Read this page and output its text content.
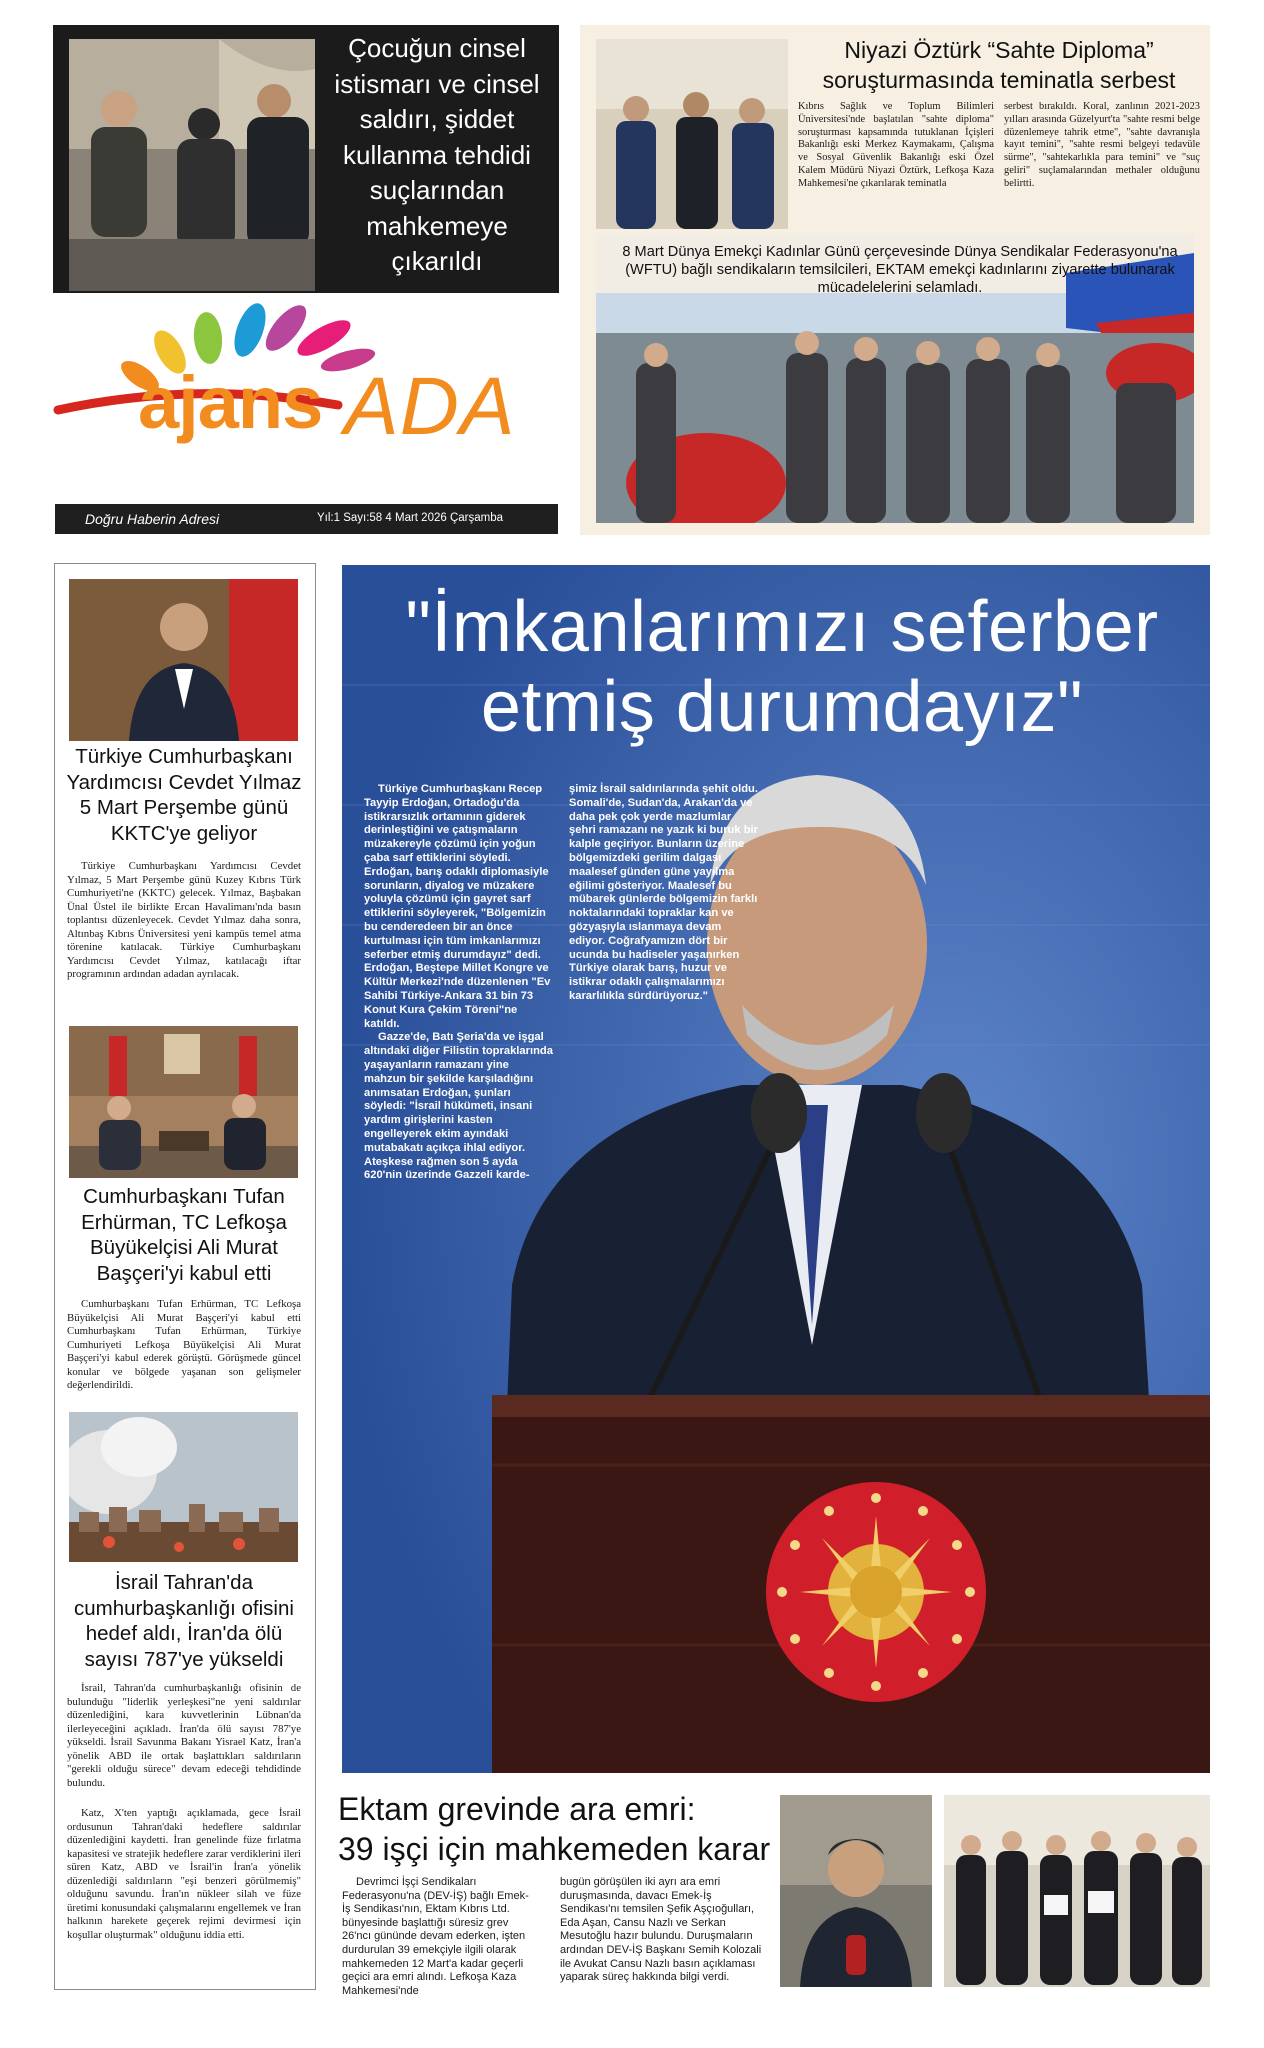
Çocuğun cinsel istismarı ve cinsel saldırı, şiddet kullanma tehdidi suçlarından mahkemeye çıkarıldı
ajans ADA
Doğru Haberin Adresi	Yıl:1 Sayı:58 4 Mart 2026 Çarşamba
Niyazi Öztürk “Sahte Diploma”
soruşturmasında teminatla serbest

Kıbrıs Sağlık ve Toplum Bilimleri Üniversitesi'nde başlatılan "sahte diploma" soruşturması kapsamında tutuklanan İçişleri Bakanlığı eski Merkez Kaymakamı, Çalışma ve Sosyal Güvenlik Bakanlığı eski Özel Kalem Müdürü Niyazi Öztürk, Lefkoşa Kaza Mahkemesi'ne çıkarılarak teminatla

serbest bırakıldı. Koral, zanlının 2021-2023 yılları arasında Güzelyurt'ta "sahte resmi belge düzenlemeye tahrik etme", "sahte davranışla kayıt temini", "sahte resmi belgeyi tedavüle sürme", "sahtekarlıkla para temini" ve "suç geliri" suçlamalarından methaler olduğunu belirtti.

8 Mart Dünya Emekçi Kadınlar Günü çerçevesinde Dünya Sendikalar Federasyonu'na (WFTU) bağlı sendikaların temsilcileri, EKTAM emekçi kadınlarını ziyarette bulunarak mücadelelerini selamladı.
Türkiye Cumhurbaşkanı Yardımcısı Cevdet Yılmaz 5 Mart Perşembe günü KKTC'ye geliyor

Türkiye Cumhurbaşkanı Yardımcısı Cevdet Yılmaz, 5 Mart Perşembe günü Kuzey Kıbrıs Türk Cumhuriyeti'ne (KKTC) gelecek. Yılmaz, Başbakan Ünal Üstel ile birlikte Ercan Havalimanı'nda basın toplantısı düzenleyecek. Cevdet Yılmaz daha sonra, Altınbaş Kıbrıs Üniversitesi yeni kampüs temel atma törenine katılacak. Türkiye Cumhurbaşkanı Yardımcısı Cevdet Yılmaz, katılacağı iftar programının ardından adadan ayrılacak.

Cumhurbaşkanı Tufan Erhürman, TC Lefkoşa Büyükelçisi Ali Murat Başçeri'yi kabul etti

Cumhurbaşkanı Tufan Erhürman, TC Lefkoşa Büyükelçisi Ali Murat Başçeri'yi kabul etti Cumhurbaşkanı Tufan Erhürman, Türkiye Cumhuriyeti Lefkoşa Büyükelçisi Ali Murat Başçeri'yi kabul ederek görüştü. Görüşmede güncel konular ve bölgede yaşanan son gelişmeler değerlendirildi.

İsrail Tahran'da cumhurbaşkanlığı ofisini hedef aldı, İran'da ölü sayısı 787'ye yükseldi

İsrail, Tahran'da cumhurbaşkanlığı ofisinin de bulunduğu "liderlik yerleşkesi"ne yeni saldırılar düzenlediğini, kara kuvvetlerinin Lübnan'da ilerleyeceğini açıkladı. İran'da ölü sayısı 787'ye yükseldi. İsrail Savunma Bakanı Yisrael Katz, İran'a yönelik ABD ile ortak başlattıkları saldırıların "gerekli olduğu sürece" devam edeceği tehdidinde bulundu.

Katz, X'ten yaptığı açıklamada, gece İsrail ordusunun Tahran'daki hedeflere saldırılar düzenlediğini kaydetti. İran genelinde füze fırlatma kapasitesi ve stratejik hedeflere zarar verdiklerini ileri süren Katz, ABD ve İsrail'in İran'a yönelik düzenlediği saldırıların "eşi benzeri görülmemiş" olduğunu savundu. İran'ın nükleer silah ve füze üretimi konusundaki çalışmalarını engellemek ve İran halkının harekete geçerek rejimi devirmesi için koşullar oluşturmak" olduğunu iddia etti.

"İmkanlarımızı seferber
etmiş durumdayız"

Türkiye Cumhurbaşkanı Recep Tayyip Erdoğan, Ortadoğu'da istikrarsızlık ortamının giderek derinleştiğini ve çatışmaların müzakereyle çözümü için yoğun çaba sarf ettiklerini söyledi. Erdoğan, barış odaklı diplomasiyle sorunların, diyalog ve müzakere yoluyla çözümü için gayret sarf ettiklerini söyleyerek, "Bölgemizin bu cenderedeen bir an önce kurtulması için tüm imkanlarımızı seferber etmiş durumdayız" dedi. Erdoğan, Beştepe Millet Kongre ve Kültür Merkezi'nde düzenlenen "Ev Sahibi Türkiye-Ankara 31 bin 73 Konut Kura Çekim Töreni"ne katıldı.

Gazze'de, Batı Şeria'da ve işgal altındaki diğer Filistin topraklarında yaşayanların ramazanı yine mahzun bir şekilde karşıladığını anımsatan Erdoğan, şunları söyledi: "İsrail hükümeti, insani yardım girişlerini kasten engelleyerek ekim ayındaki mutabakatı açıkça ihlal ediyor. Ateşkese rağmen son 5 ayda 620'nin üzerinde Gazzeli karde-

şimiz İsrail saldırılarında şehit oldu. Somali'de, Sudan'da, Arakan'da ve daha pek çok yerde mazlumlar şehri ramazanı ne yazık ki buruk bir kalple geçiriyor. Bunların üzerine bölgemizdeki gerilim dalgası maalesef günden güne yayılma eğilimi gösteriyor. Maalesef bu mübarek günlerde bölgemizin farklı noktalarındaki topraklar kan ve gözyaşıyla ıslanmaya devam ediyor. Coğrafyamızın dört bir ucunda bu hadiseler yaşanırken Türkiye olarak barış, huzur ve istikrar odaklı çalışmalarımızı kararlılıkla sürdürüyoruz."

Ektam grevinde ara emri:
39 işçi için mahkemeden karar

Devrimci İşçi Sendikaları Federasyonu'na (DEV-İŞ) bağlı Emek-İş Sendikası'nın, Ektam Kıbrıs Ltd. bünyesinde başlattığı süresiz grev 26'ncı gününde devam ederken, işten durdurulan 39 emekçiyle ilgili olarak mahkemeden 12 Mart'a kadar geçerli geçici ara emri alındı. Lefkoşa Kaza Mahkemesi'nde

bugün görüşülen iki ayrı ara emri duruşmasında, davacı Emek-İş Sendikası'nı temsilen Şefik Aşçıoğulları, Eda Aşan, Cansu Nazlı ve Serkan Mesutoğlu hazır bulundu. Duruşmaların ardından DEV-İŞ Başkanı Semih Kolozali ile Avukat Cansu Nazlı basın açıklaması yaparak süreç hakkında bilgi verdi.
